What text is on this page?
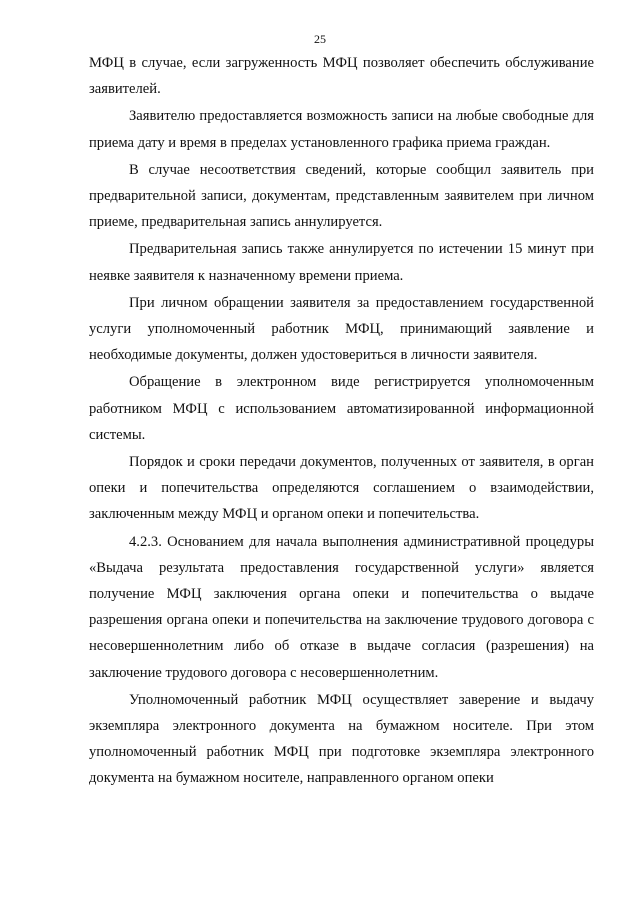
25

МФЦ в случае, если загруженность МФЦ позволяет обеспечить обслуживание заявителей.

Заявителю предоставляется возможность записи на любые свободные для приема дату и время в пределах установленного графика приема граждан.

В случае несоответствия сведений, которые сообщил заявитель при предварительной записи, документам, представленным заявителем при личном приеме, предварительная запись аннулируется.

Предварительная запись также аннулируется по истечении 15 минут при неявке заявителя к назначенному времени приема.

При личном обращении заявителя за предоставлением государственной услуги уполномоченный работник МФЦ, принимающий заявление и необходимые документы, должен удостовериться в личности заявителя.

Обращение в электронном виде регистрируется уполномоченным работником МФЦ с использованием автоматизированной информационной системы.

Порядок и сроки передачи документов, полученных от заявителя, в орган опеки и попечительства определяются соглашением о взаимодействии, заключенным между МФЦ и органом опеки и попечительства.

4.2.3. Основанием для начала выполнения административной процедуры «Выдача результата предоставления государственной услуги» является получение МФЦ заключения органа опеки и попечительства о выдаче разрешения органа опеки и попечительства на заключение трудового договора с несовершеннолетним либо об отказе в выдаче согласия (разрешения) на заключение трудового договора с несовершеннолетним.

Уполномоченный работник МФЦ осуществляет заверение и выдачу экземпляра электронного документа на бумажном носителе. При этом уполномоченный работник МФЦ при подготовке экземпляра электронного документа на бумажном носителе, направленного органом опеки
